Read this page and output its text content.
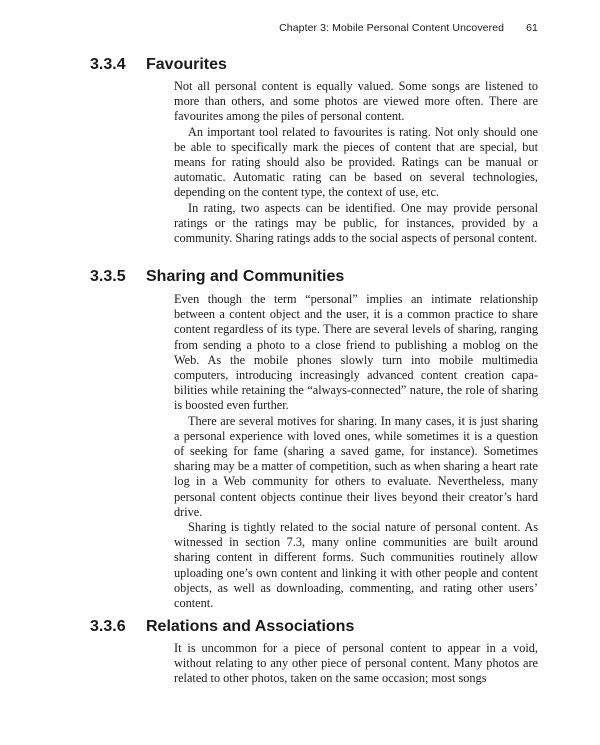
Chapter 3: Mobile Personal Content Uncovered 61
3.3.4 Favourites

Not all personal content is equally valued. Some songs are listened to more than others, and some photos are viewed more often. There are favourites among the piles of personal content.

An important tool related to favourites is rating. Not only should one be able to specifically mark the pieces of content that are special, but means for rating should also be provided. Ratings can be manual or automatic. Automatic rating can be based on several technologies, depending on the content type, the context of use, etc.

In rating, two aspects can be identified. One may provide personal ratings or the ratings may be public, for instances, provided by a community. Sharing ratings adds to the social aspects of personal content.

3.3.5 Sharing and Communities

Even though the term “personal” implies an intimate relationship between a content object and the user, it is a common practice to share content regardless of its type. There are several levels of sharing, ranging from sending a photo to a close friend to publishing a moblog on the Web. As the mobile phones slowly turn into mobile multimedia computers, introducing increasingly advanced content creation capabilities while retaining the “always-connected” nature, the role of sharing is boosted even further.

There are several motives for sharing. In many cases, it is just sharing a personal experience with loved ones, while sometimes it is a question of seeking for fame (sharing a saved game, for instance). Sometimes sharing may be a matter of competition, such as when sharing a heart rate log in a Web community for others to evaluate. Nevertheless, many personal content objects continue their lives beyond their creator’s hard drive.

Sharing is tightly related to the social nature of personal content. As witnessed in section 7.3, many online communities are built around sharing content in different forms. Such communities routinely allow uploading one’s own content and linking it with other people and content objects, as well as downloading, commenting, and rating other users’ content.

3.3.6 Relations and Associations

It is uncommon for a piece of personal content to appear in a void, without relating to any other piece of personal content. Many photos are related to other photos, taken on the same occasion; most songs
